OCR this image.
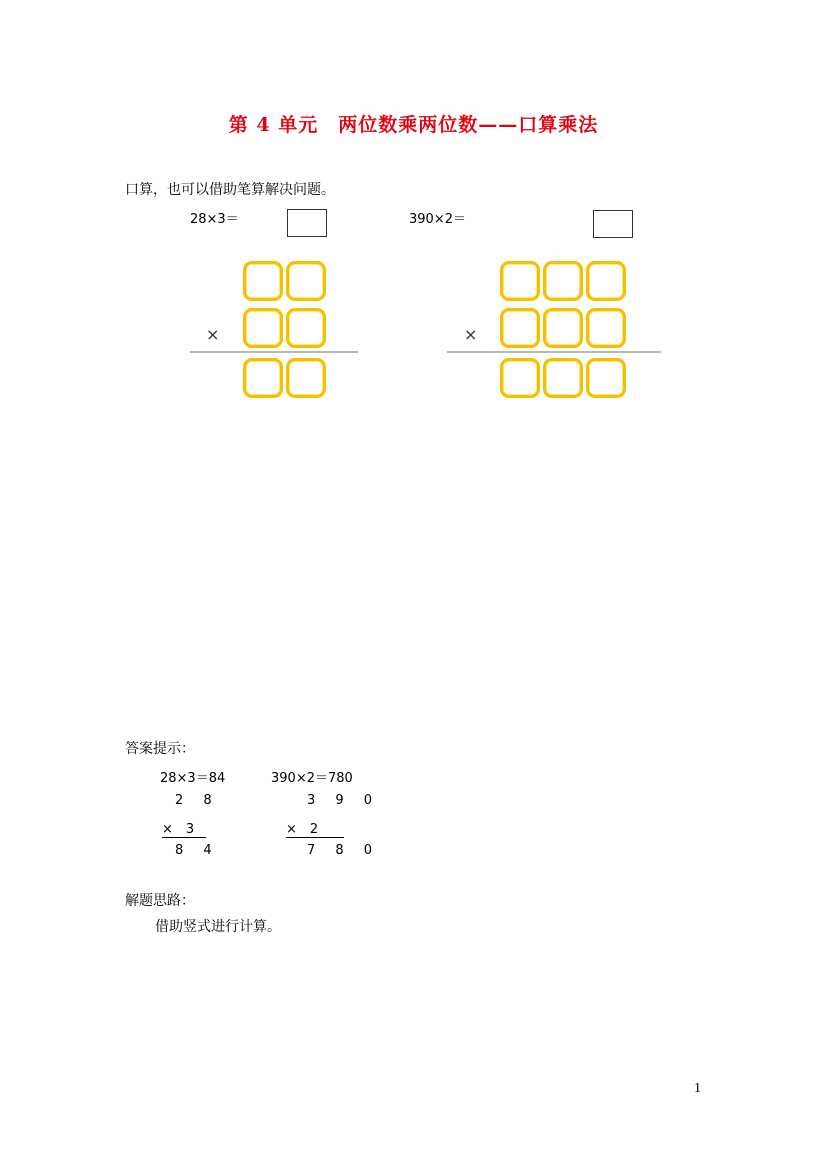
第 4 单元　两位数乘两位数——口算乘法
口算，也可以借助笔算解决问题。
28×3＝
×
390×2＝
×
答案提示：
28×3＝84	390×2＝780
2 8
×　3
8 4
3 9 0
×　2
7 8 0
解题思路：
借助竖式进行计算。
1
